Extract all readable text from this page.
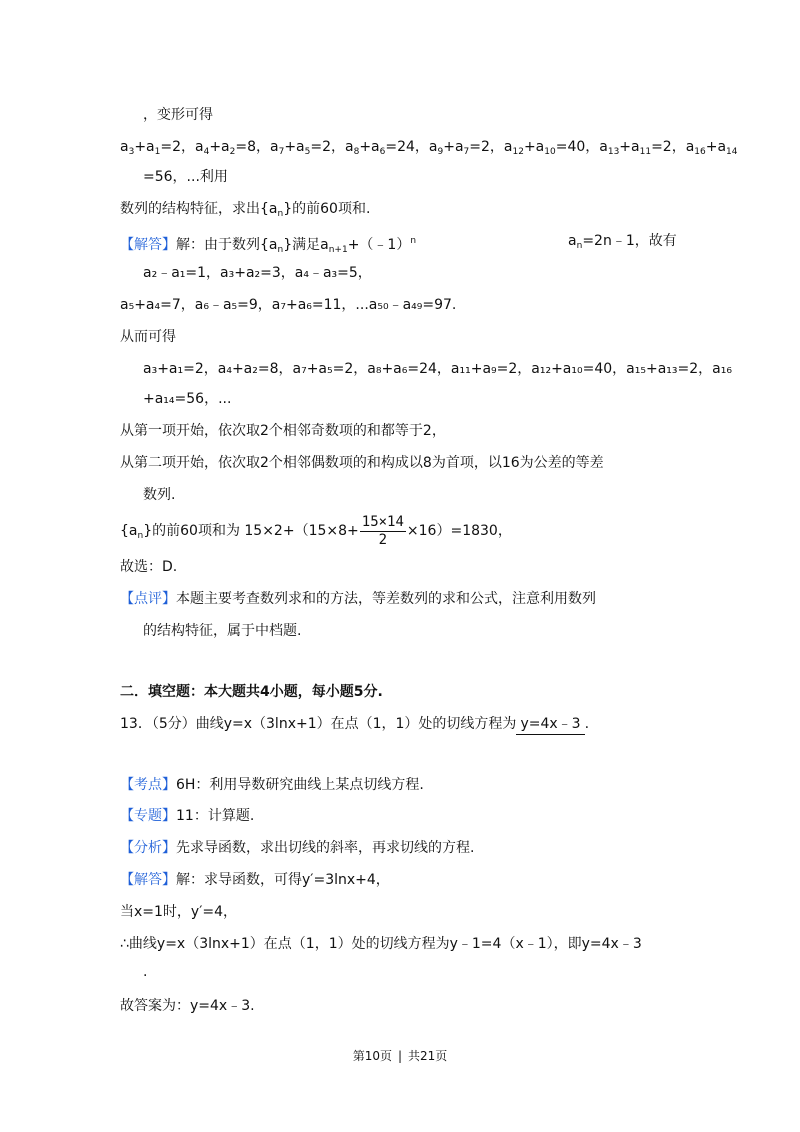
，变形可得
$a_3+a_1=2$，$a_4+a_2=8$，$a_7+a_5=2$，$a_8+a_6=24$，$a_9+a_7=2$，$a_{12}+a_{10}=40$，$a_{13}+a_{11}=2$，$a_{16}+a_{14}$
=56，...利用
数列的结构特征，求出$\{a_n\}$的前60项和.
【解答】解：由于数列$\{a_n\}$满足$a_{n+1}+(﹣1)^n$	$a_n=2n﹣1$，故有
a₂﹣a₁=1，a₃+a₂=3，a₄﹣a₃=5，
a₅+a₄=7，a₆﹣a₅=9，a₇+a₆=11，...a₅₀﹣a₄₉=97.
从而可得
a₃+a₁=2，a₄+a₂=8，a₇+a₅=2，a₈+a₆=24，a₁₁+a₉=2，a₁₂+a₁₀=40，a₁₅+a₁₃=2，a₁₆
+a₁₄=56，...
从第一项开始，依次取2个相邻奇数项的和都等于2，
从第二项开始，依次取2个相邻偶数项的和构成以8为首项，以16为公差的等差
数列.
$\{a_n\}$的前60项和为 $15\times 2+(15\times 8+ \frac{15\times 14}{2} \times 16)=1830$，
故选：D.
【点评】本题主要考查数列求和的方法，等差数列的求和公式，注意利用数列
的结构特征，属于中档题.
二．填空题：本大题共4小题，每小题5分.
13．（5分）曲线y=x（3lnx+1）在点（1，1）处的切线方程为 y=4x﹣3 .
【考点】6H：利用导数研究曲线上某点切线方程.
【专题】11：计算题.
【分析】先求导函数，求出切线的斜率，再求切线的方程.
【解答】解：求导函数，可得y′=3lnx+4，
当x=1时，y′=4，
∴曲线y=x（3lnx+1）在点（1，1）处的切线方程为y﹣1=4（x﹣1），即y=4x﹣3
.
故答案为：y=4x﹣3.
第10页 | 共21页
